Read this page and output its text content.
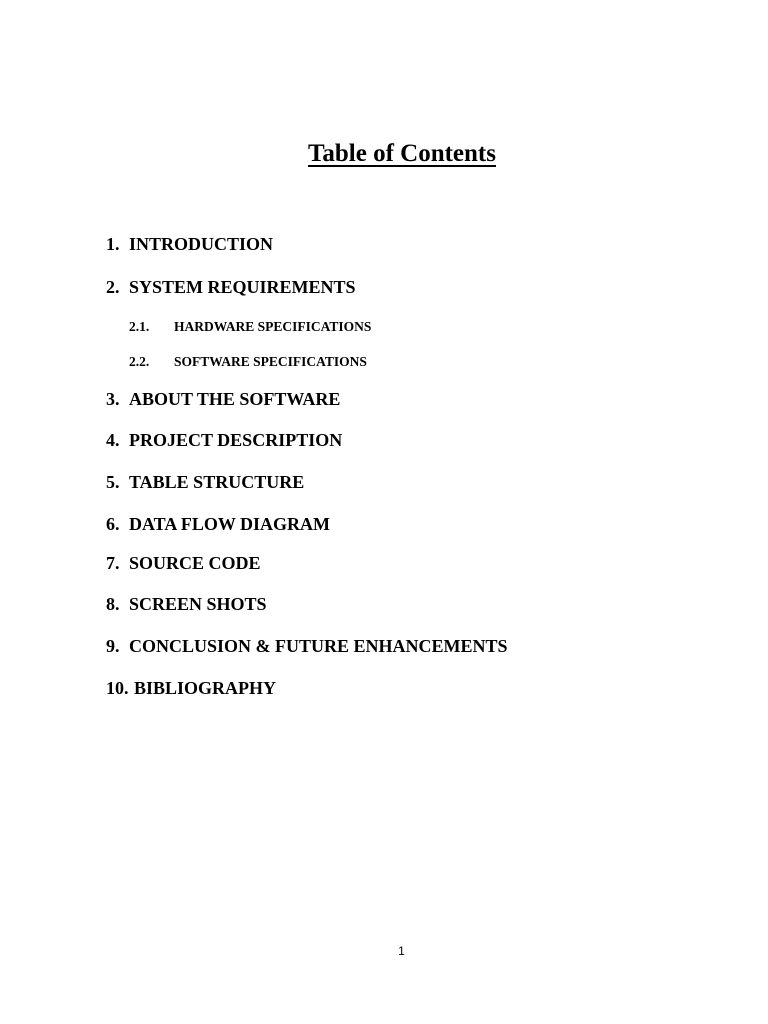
Table of Contents
1. INTRODUCTION
2. SYSTEM REQUIREMENTS
2.1. HARDWARE SPECIFICATIONS
2.2. SOFTWARE SPECIFICATIONS
3. ABOUT THE SOFTWARE
4. PROJECT DESCRIPTION
5. TABLE STRUCTURE
6. DATA FLOW DIAGRAM
7. SOURCE CODE
8. SCREEN SHOTS
9. CONCLUSION & FUTURE ENHANCEMENTS
10. BIBLIOGRAPHY
1
